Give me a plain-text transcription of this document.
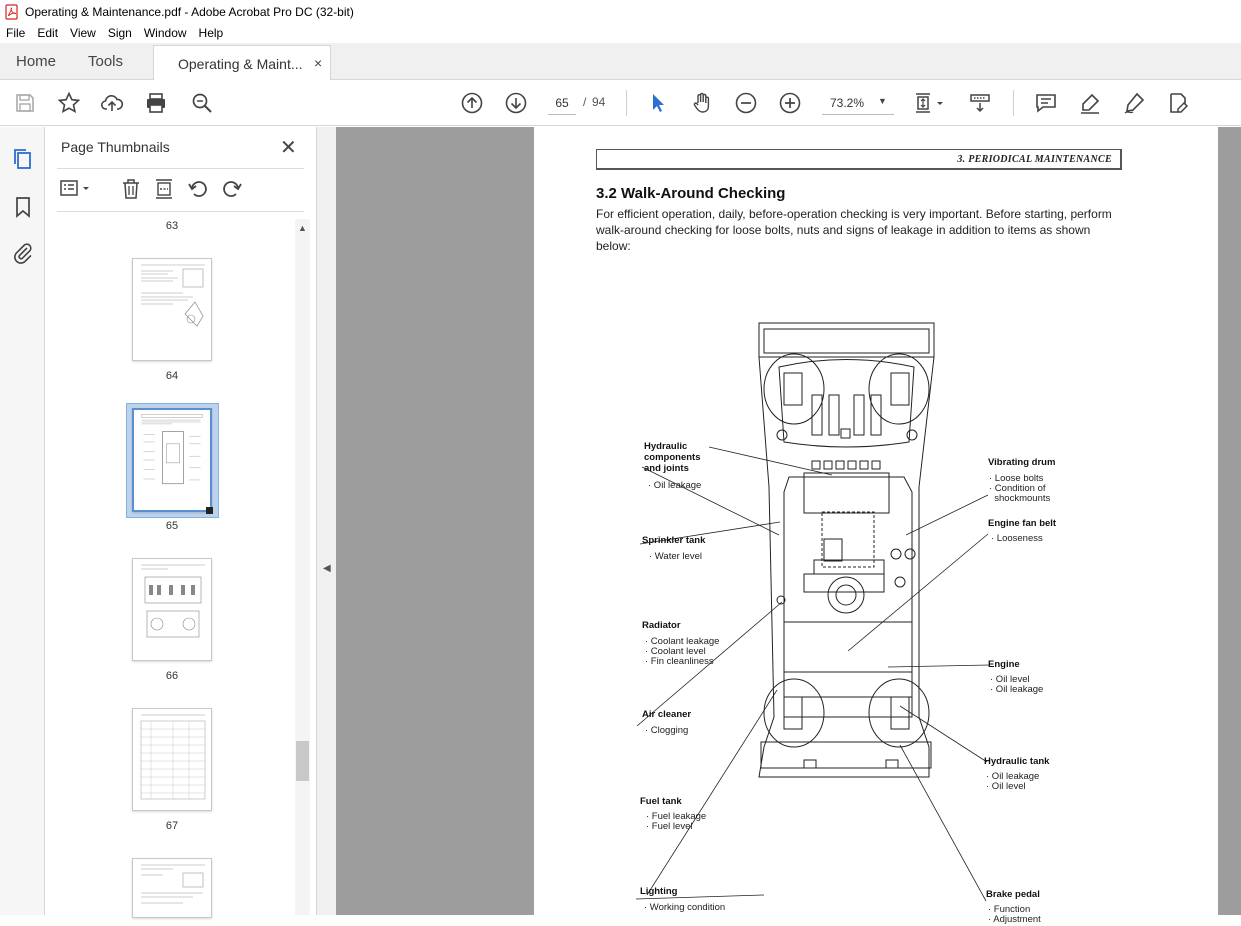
Operating & Maintenance.pdf - Adobe Acrobat Pro DC (32-bit)
File	Edit	View	Sign	Window	Help
Home Tools	Operating & Maint... ×
65	/ 94	73.2% ▼
Page Thumbnails	✕
▲
63
64
65
66
67
◀
3. PERIODICAL MAINTENANCE
3.2 Walk-Around Checking
For efficient operation, daily, before-operation checking is very important. Before starting, perform walk-around checking for loose bolts, nuts and signs of leakage in addition to items as shown below:
Hydraulic
components
and joints
· Oil leakage
Sprinkler tank
· Water level
Radiator
· Coolant leakage
· Coolant level
· Fin cleanliness
Air cleaner
· Clogging
Fuel tank
· Fuel leakage
· Fuel level
Lighting
· Working condition
Vibrating drum
· Loose bolts
· Condition of
shockmounts
Engine fan belt
· Looseness
Engine
· Oil level
· Oil leakage
Hydraulic tank
· Oil leakage
· Oil level
Brake pedal
· Function
· Adjustment
